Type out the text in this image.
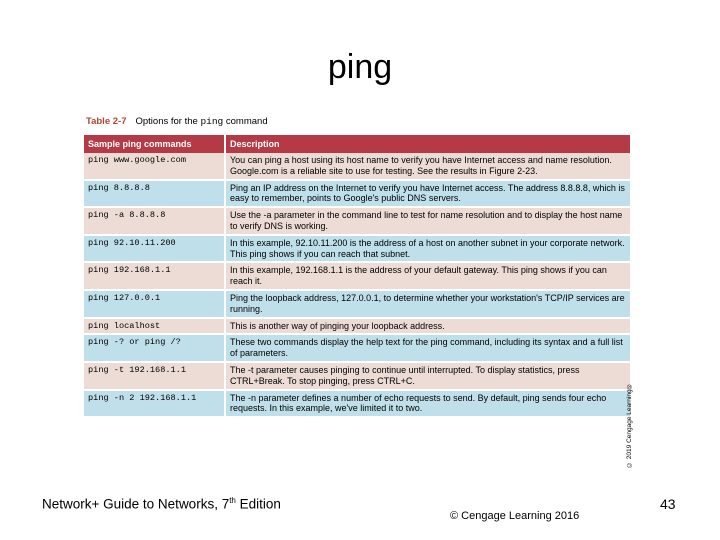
ping
Table 2-7 Options for the ping command
Sample ping commands	Description
ping www.google.com	You can ping a host using its host name to verify you have Internet access and name resolution. Google.com is a reliable site to use for testing. See the results in Figure 2-23.
ping 8.8.8.8	Ping an IP address on the Internet to verify you have Internet access. The address 8.8.8.8, which is easy to remember, points to Google's public DNS servers.
ping -a 8.8.8.8	Use the -a parameter in the command line to test for name resolution and to display the host name to verify DNS is working.
ping 92.10.11.200	In this example, 92.10.11.200 is the address of a host on another subnet in your corporate network. This ping shows if you can reach that subnet.
ping 192.168.1.1	In this example, 192.168.1.1 is the address of your default gateway. This ping shows if you can reach it.
ping 127.0.0.1	Ping the loopback address, 127.0.0.1, to determine whether your workstation's TCP/IP services are running.
ping localhost	This is another way of pinging your loopback address.
ping -? or ping /?	These two commands display the help text for the ping command, including its syntax and a full list of parameters.
ping -t 192.168.1.1	The -t parameter causes pinging to continue until interrupted. To display statistics, press CTRL+Break. To stop pinging, press CTRL+C.
ping -n 2 192.168.1.1	The -n parameter defines a number of echo requests to send. By default, ping sends four echo requests. In this example, we've limited it to two.	© 2019 Cengage Learning®
Network+ Guide to Networks, 7th Edition
© Cengage Learning 2016
43
